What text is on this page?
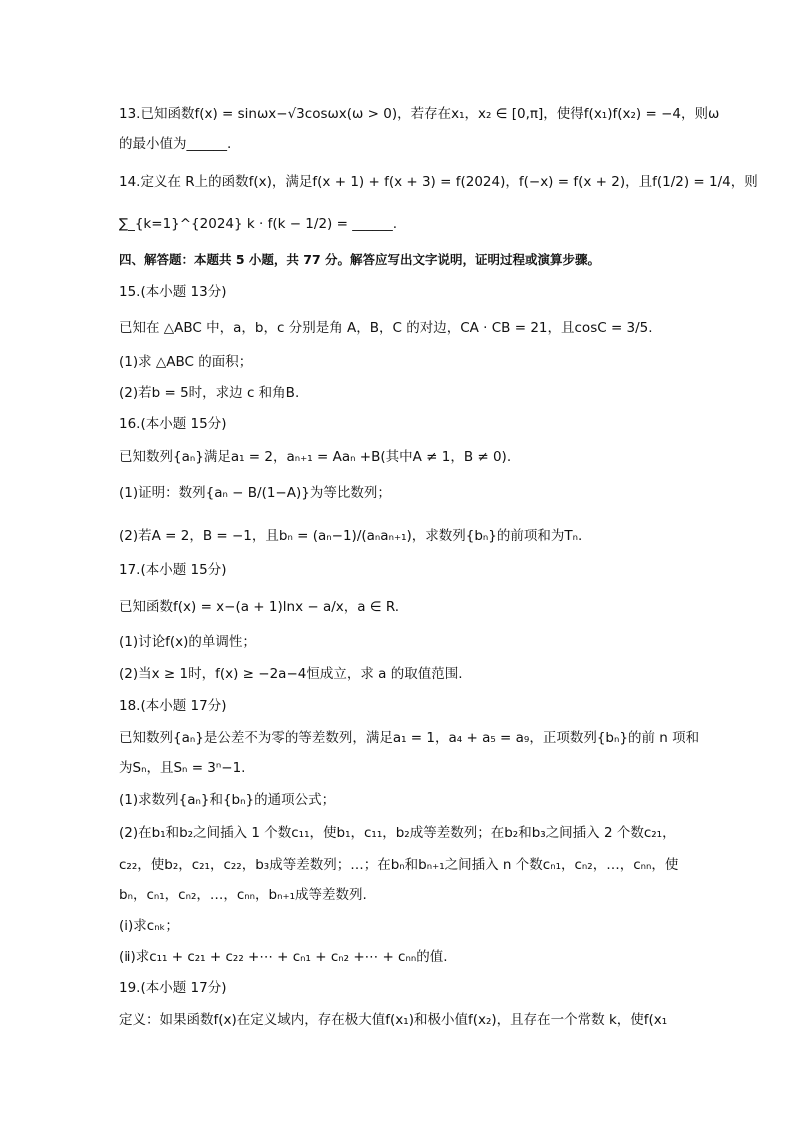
13.已知函数f(x) = sinωx−√3cosωx(ω > 0)，若存在x₁，x₂ ∈ [0,π]，使得f(x₁)f(x₂) = −4，则ω
的最小值为______.
14.定义在 R上的函数f(x)，满足f(x + 1) + f(x + 3) = f(2024)，f(−x) = f(x + 2)，且f(1/2) = 1/4，则
∑_{k=1}^{2024} k · f(k − 1/2) = ______.
四、解答题：本题共 5 小题，共 77 分。解答应写出文字说明，证明过程或演算步骤。
15.(本小题 13分)
已知在 △ABC 中，a，b，c 分别是角 A，B，C 的对边，CA · CB = 21，且cosC = 3/5.
(1)求 △ABC 的面积；
(2)若b = 5时，求边 c 和角B.
16.(本小题 15分)
已知数列{aₙ}满足a₁ = 2，aₙ₊₁ = Aaₙ +B(其中A ≠ 1，B ≠ 0).
(1)证明：数列{aₙ − B/(1−A)}为等比数列；
(2)若A = 2，B = −1，且bₙ = (aₙ−1)/(aₙaₙ₊₁)，求数列{bₙ}的前项和为Tₙ.
17.(本小题 15分)
已知函数f(x) = x−(a + 1)lnx − a/x，a ∈ R.
(1)讨论f(x)的单调性；
(2)当x ≥ 1时，f(x) ≥ −2a−4恒成立，求 a 的取值范围.
18.(本小题 17分)
已知数列{aₙ}是公差不为零的等差数列，满足a₁ = 1，a₄ + a₅ = a₉，正项数列{bₙ}的前 n 项和
为Sₙ，且Sₙ = 3ⁿ−1.
(1)求数列{aₙ}和{bₙ}的通项公式；
(2)在b₁和b₂之间插入 1 个数c₁₁，使b₁，c₁₁，b₂成等差数列；在b₂和b₃之间插入 2 个数c₂₁，
c₂₂，使b₂，c₂₁，c₂₂，b₃成等差数列；…；在bₙ和bₙ₊₁之间插入 n 个数cₙ₁，cₙ₂，…，cₙₙ，使
bₙ，cₙ₁，cₙ₂，…，cₙₙ，bₙ₊₁成等差数列.
(ⅰ)求cₙₖ；
(ⅱ)求c₁₁ + c₂₁ + c₂₂ +⋯ + cₙ₁ + cₙ₂ +⋯ + cₙₙ的值.
19.(本小题 17分)
定义：如果函数f(x)在定义域内，存在极大值f(x₁)和极小值f(x₂)，且存在一个常数 k，使f(x₁
